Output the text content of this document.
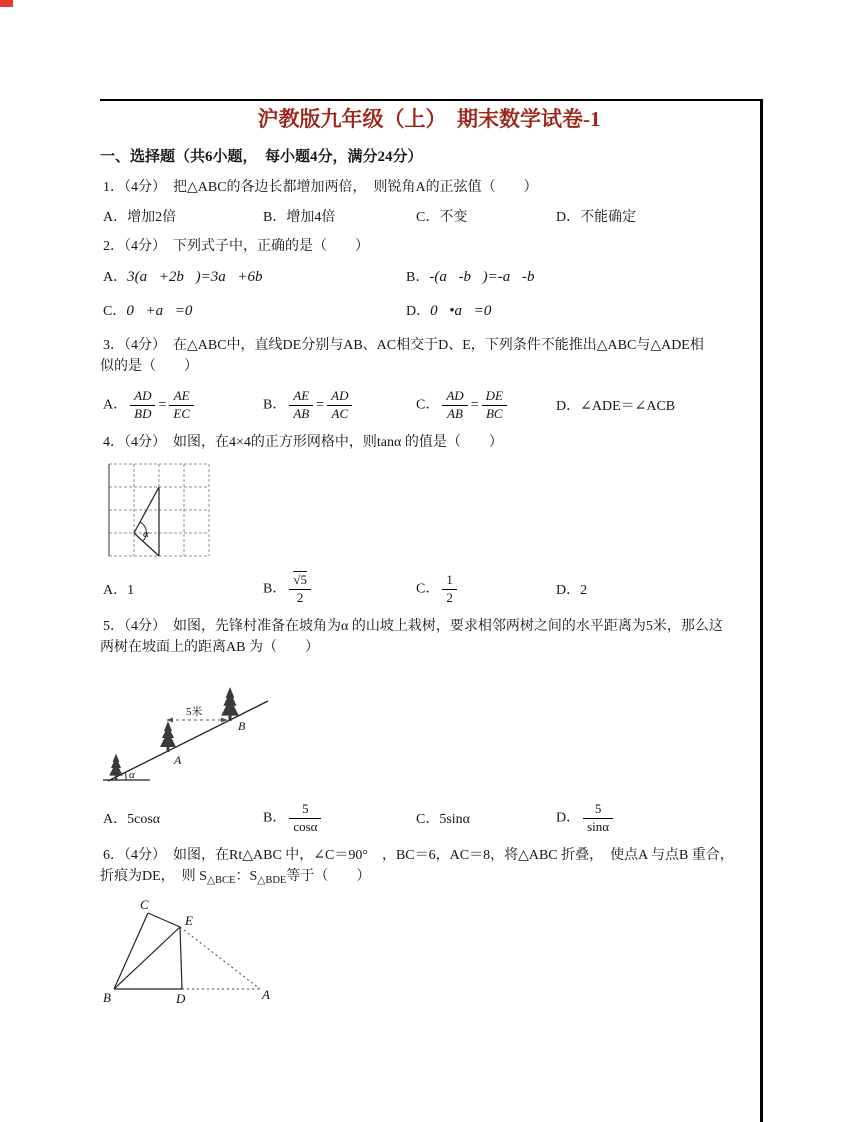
沪教版九年级（上）　期末数学试卷-1
一、选择题（共6小题，　每小题4分，满分24分）
1．（4分）　把△ABC的各边长都增加两倍，　则锐角A的正弦值（　　）
A．增加2倍	B．增加4倍	C．不变	D．不能确定
2．（4分）　下列式子中，正确的是（　　）
A．3(a⃗+2b⃗)=3a⃗+6b⃗	B．-(a⃗-b⃗)=-a⃗-b⃗
C．0⃗+a⃗=0⃗	D．0⃗•a⃗=0
3．（4分）　在△ABC中，直线DE分别与AB、AC相交于D、E，下列条件不能推出△ABC与△ADE相
似的是（　　）
A． $\frac{AD}{BD} = \frac{AE}{EC}$	B． $\frac{AE}{AB} = \frac{AD}{AC}$	C． $\frac{AD}{AB} = \frac{DE}{BC}$	D．∠ADE＝∠ACB
4．（4分）　如图，在4×4的正方形网格中，则tanα 的值是（　　）
α
A．1	B． $\frac{√5}{2}$	C． $\frac{1}{2}$	D．2
5．（4分）　如图，先锋村准备在坡角为α 的山坡上栽树，要求相邻两树之间的水平距离为5米，那么这
两树在坡面上的距离AB 为（　　）
α
5米
A
B
A．5cosα	B． $\frac{5}{\cos\alpha}$	C．5sinα	D． $\frac{5}{\sin\alpha}$
6．（4分）　如图，在Rt△ABC 中，∠C＝90°　，BC＝6，AC＝8，将△ABC 折叠，　使点A 与点B 重合，
折痕为DE，　则 $S_{\triangle BCE}$：$S_{\triangle BDE}$等于（　　）
C
E
B	D	A
